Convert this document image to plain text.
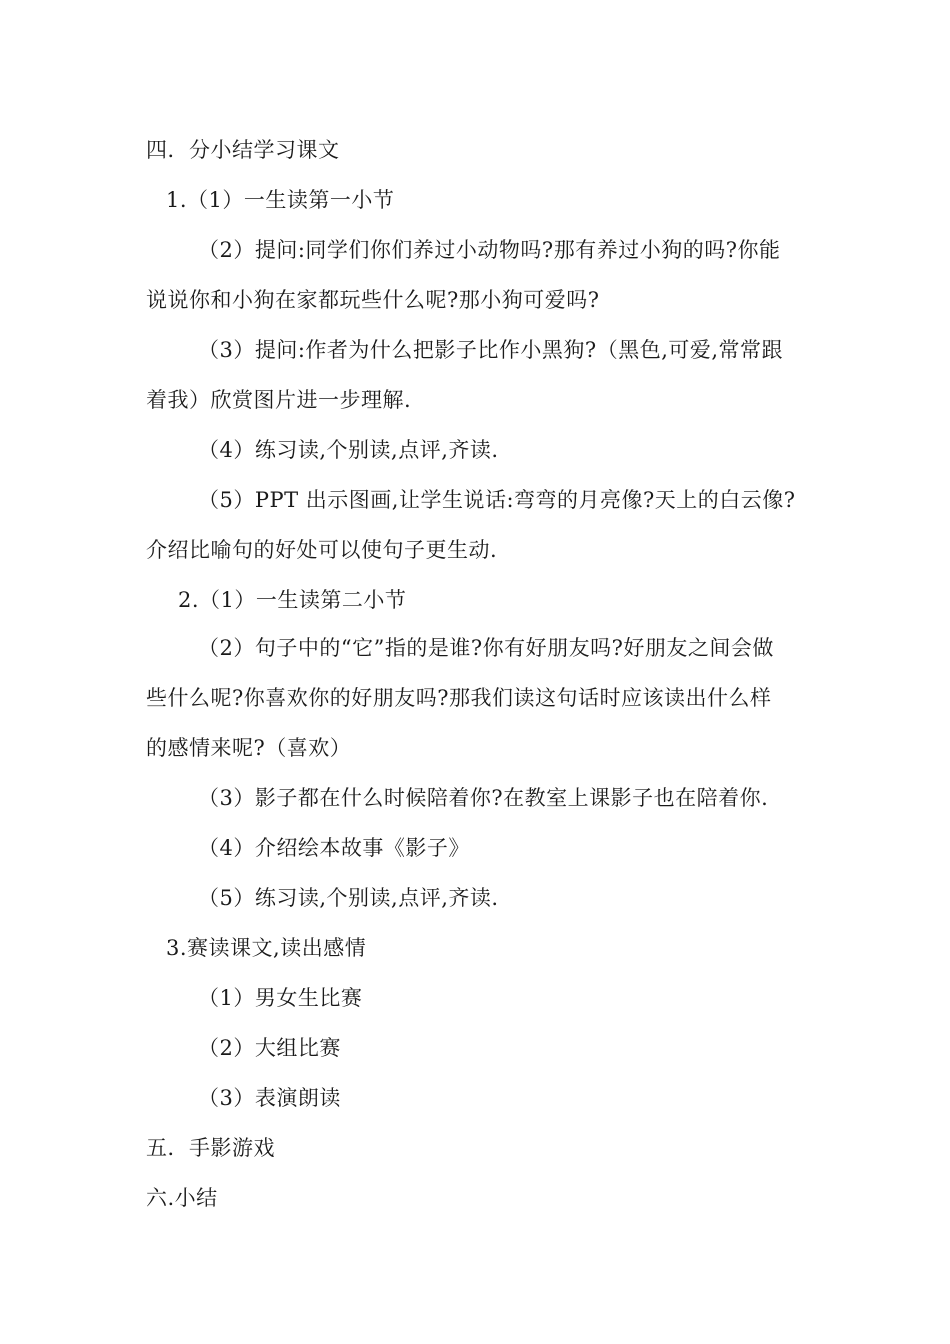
四．分小结学习课文
1.（1）一生读第一小节
（2）提问:同学们你们养过小动物吗?那有养过小狗的吗?你能
说说你和小狗在家都玩些什么呢?那小狗可爱吗?
（3）提问:作者为什么把影子比作小黑狗?（黑色,可爱,常常跟
着我）欣赏图片进一步理解.
（4）练习读,个别读,点评,齐读.
（5）PPT 出示图画,让学生说话:弯弯的月亮像?天上的白云像?
介绍比喻句的好处可以使句子更生动.
2.（1）一生读第二小节
（2）句子中的“它”指的是谁?你有好朋友吗?好朋友之间会做
些什么呢?你喜欢你的好朋友吗?那我们读这句话时应该读出什么样
的感情来呢?（喜欢）
（3）影子都在什么时候陪着你?在教室上课影子也在陪着你.
（4）介绍绘本故事《影子》
（5）练习读,个别读,点评,齐读.
3.赛读课文,读出感情
（1）男女生比赛
（2）大组比赛
（3）表演朗读
五．手影游戏
六.小结
